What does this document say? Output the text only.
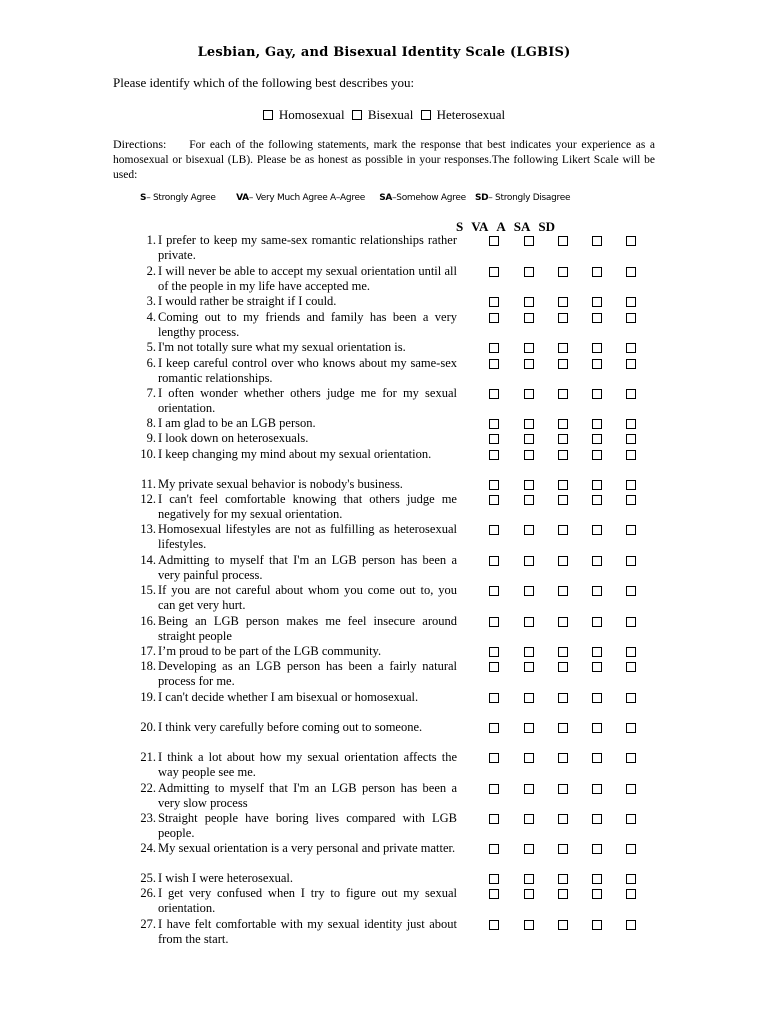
Lesbian, Gay, and Bisexual Identity Scale (LGBIS)
Please identify which of the following best describes you:
Homosexual
Bisexual
Heterosexual
Directions: For each of the following statements, mark the response that best indicates your experience as a homosexual or bisexual (LB). Please be as honest as possible in your responses.The following Likert Scale will be used:
S– Strongly Agree VA– Very Much Agree A–Agree SA–Somehow Agree SD– Strongly Disagree
S VA A SA SD
1. I prefer to keep my same-sex romantic relationships rather private.
2. I will never be able to accept my sexual orientation until all of the people in my life have accepted me.
3. I would rather be straight if I could.
4. Coming out to my friends and family has been a very lengthy process.
5. I'm not totally sure what my sexual orientation is.
6. I keep careful control over who knows about my same-sex romantic relationships.
7. I often wonder whether others judge me for my sexual orientation.
8. I am glad to be an LGB person.
9. I look down on heterosexuals.
10. I keep changing my mind about my sexual orientation.
11. My private sexual behavior is nobody's business.
12. I can't feel comfortable knowing that others judge me negatively for my sexual orientation.
13. Homosexual lifestyles are not as fulfilling as heterosexual lifestyles.
14. Admitting to myself that I'm an LGB person has been a very painful process.
15. If you are not careful about whom you come out to, you can get very hurt.
16. Being an LGB person makes me feel insecure around straight people
17. I’m proud to be part of the LGB community.
18. Developing as an LGB person has been a fairly natural process for me.
19. I can't decide whether I am bisexual or homosexual.
20. I think very carefully before coming out to someone.
21. I think a lot about how my sexual orientation affects the way people see me.
22. Admitting to myself that I'm an LGB person has been a very slow process
23. Straight people have boring lives compared with LGB people.
24. My sexual orientation is a very personal and private matter.
25. I wish I were heterosexual.
26. I get very confused when I try to figure out my sexual orientation.
27. I have felt comfortable with my sexual identity just about from the start.
